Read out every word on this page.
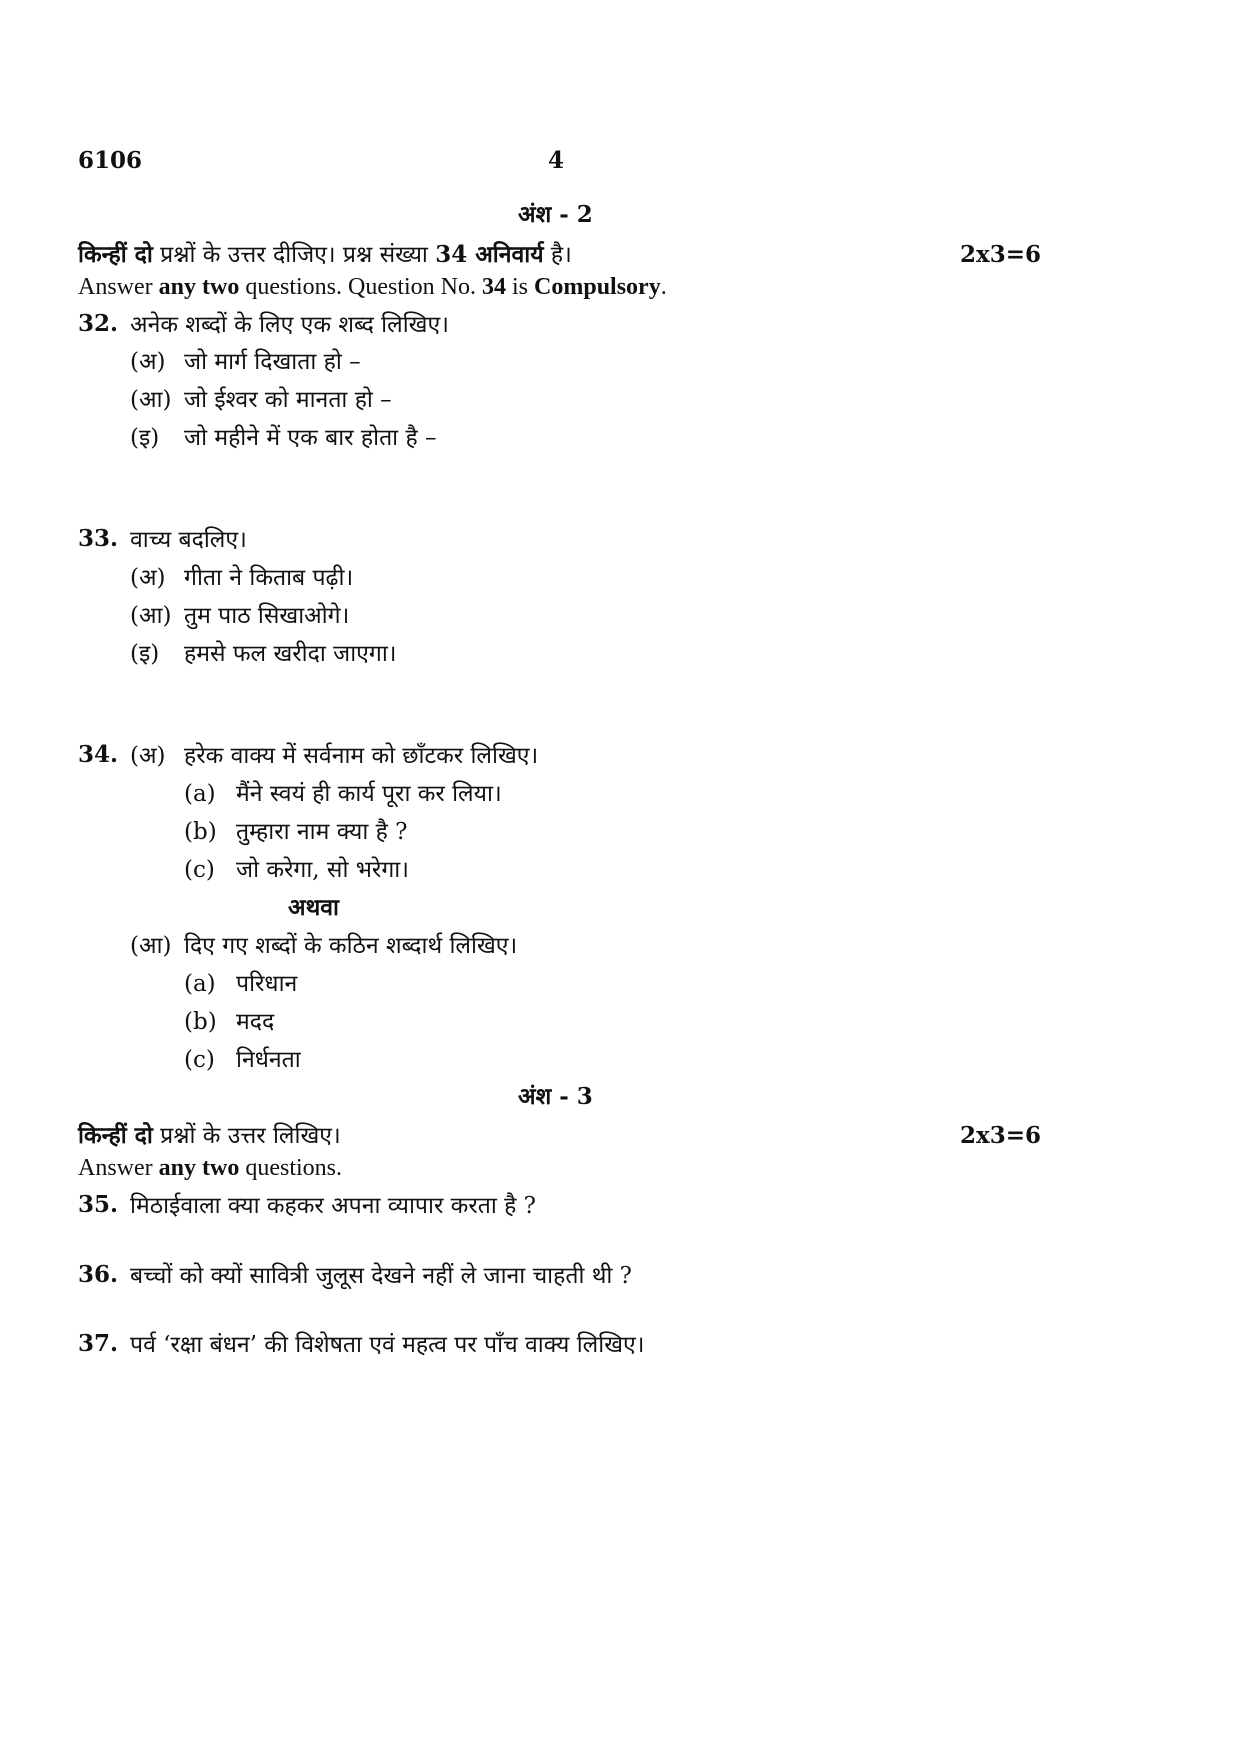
6106	4
अंश - 2
किन्हीं दो प्रश्नों के उत्तर दीजिए। प्रश्न संख्या 34 अनिवार्य है।	2x3=6
Answer any two questions. Question No. 34 is Compulsory.
32. अनेक शब्दों के लिए एक शब्द लिखिए।
(अ) जो मार्ग दिखाता हो –
(आ) जो ईश्वर को मानता हो –
(इ) जो महीने में एक बार होता है –
33. वाच्य बदलिए।
(अ) गीता ने किताब पढ़ी।
(आ) तुम पाठ सिखाओगे।
(इ) हमसे फल खरीदा जाएगा।
34. (अ) हरेक वाक्य में सर्वनाम को छाँटकर लिखिए।
(a) मैंने स्वयं ही कार्य पूरा कर लिया।
(b) तुम्हारा नाम क्या है ?
(c) जो करेगा, सो भरेगा।
अथवा
(आ) दिए गए शब्दों के कठिन शब्दार्थ लिखिए।
(a) परिधान
(b) मदद
(c) निर्धनता
अंश - 3
किन्हीं दो प्रश्नों के उत्तर लिखिए।	2x3=6
Answer any two questions.
35. मिठाईवाला क्या कहकर अपना व्यापार करता है ?
36. बच्चों को क्यों सावित्री जुलूस देखने नहीं ले जाना चाहती थी ?
37. पर्व ‘रक्षा बंधन’ की विशेषता एवं महत्व पर पाँच वाक्य लिखिए।
